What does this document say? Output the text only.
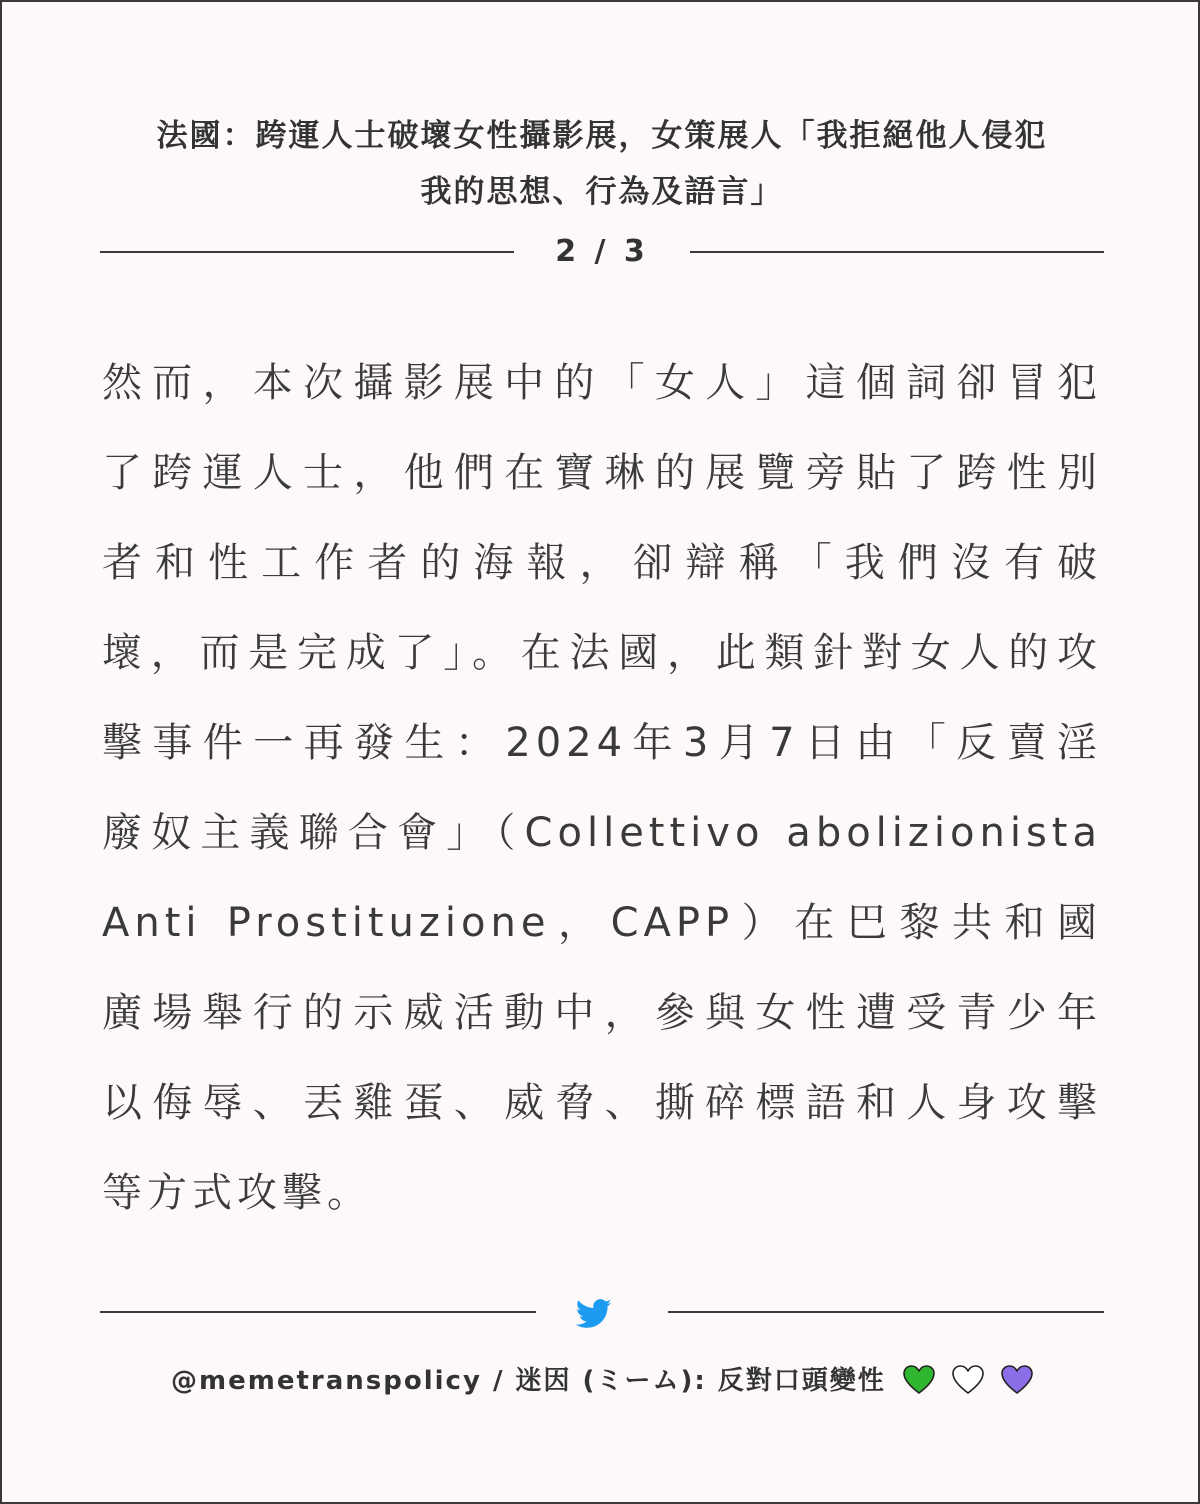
法國：跨運人士破壞女性攝影展，女策展人「我拒絕他人侵犯
我的思想、行為及語言」
2 / 3
然而，本次攝影展中的「女人」這個詞卻冒犯
了跨運人士，他們在寶琳的展覽旁貼了跨性別
者和性工作者的海報，卻辯稱「我們沒有破
壞，而是完成了」。在法國，此類針對女人的攻
擊事件一再發生：2024年3月7日由「反賣淫
廢奴主義聯合會」（Collettivo abolizionista
Anti Prostituzione，CAPP）在巴黎共和國
廣場舉行的示威活動中，參與女性遭受青少年
以侮辱、丟雞蛋、威脅、撕碎標語和人身攻擊
等方式攻擊。
@memetranspolicy / 迷因 (ミーム): 反對口頭變性
